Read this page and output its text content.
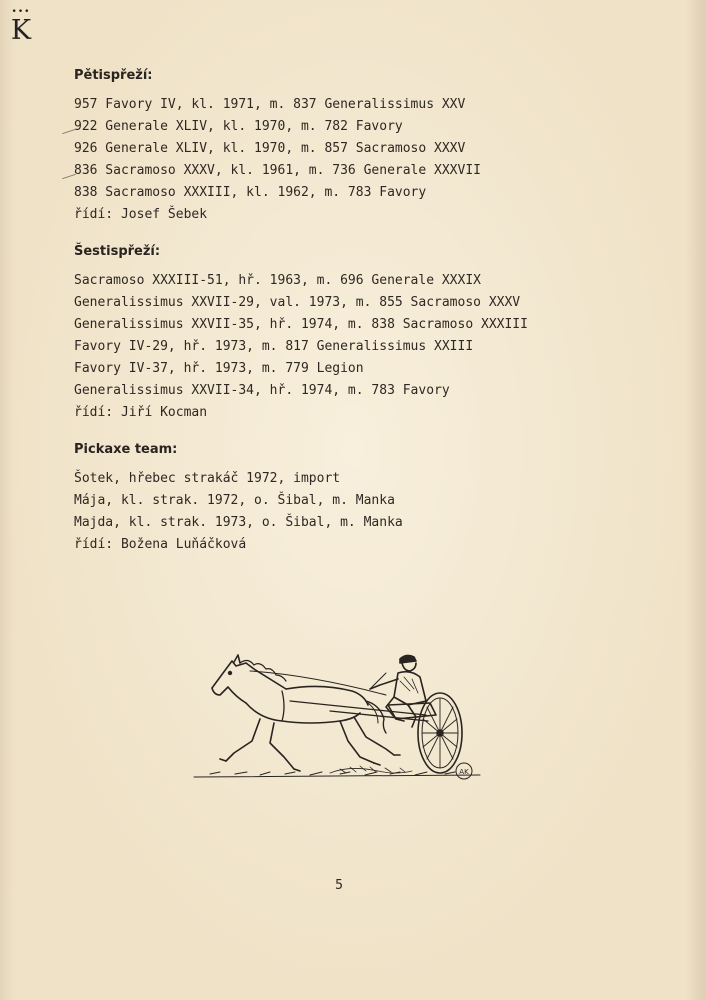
•••
K
Pětispřeží:
957 Favory IV, kl. 1971, m. 837 Generalissimus XXV
922 Generale XLIV, kl. 1970, m. 782 Favory
926 Generale XLIV, kl. 1970, m. 857 Sacramoso XXXV
836 Sacramoso XXXV, kl. 1961, m. 736 Generale XXXVII
838 Sacramoso XXXIII, kl. 1962, m. 783 Favory
řídí: Josef Šebek
Šestispřeží:
Sacramoso XXXIII-51, hř. 1963, m. 696 Generale XXXIX
Generalissimus XXVII-29, val. 1973, m. 855 Sacramoso XXXV
Generalissimus XXVII-35, hř. 1974, m. 838 Sacramoso XXXIII
Favory IV-29, hř. 1973, m. 817 Generalissimus XXIII
Favory IV-37, hř. 1973, m. 779 Legion
Generalissimus XXVII-34, hř. 1974, m. 783 Favory
řídí: Jiří Kocman
Pickaxe team:
Šotek, hřebec strakáč 1972, import
Mája, kl. strak. 1972, o. Šibal, m. Manka
Majda, kl. strak. 1973, o. Šibal, m. Manka
řídí: Božena Luňáčková
AK
5
